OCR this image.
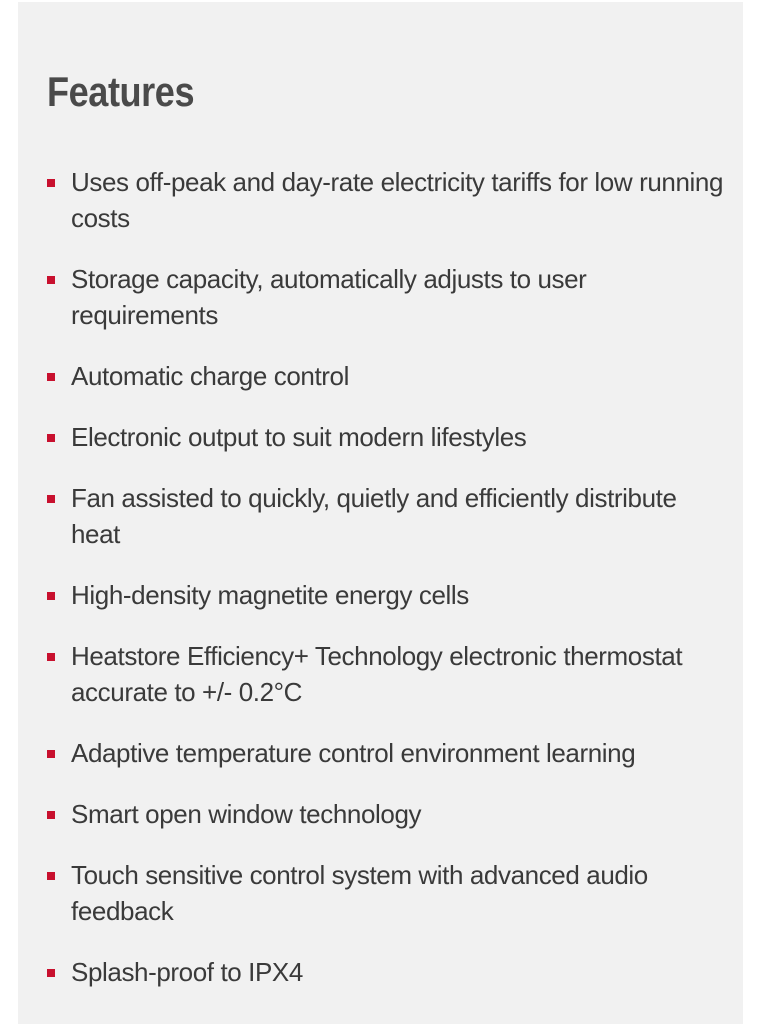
Features
Uses off-peak and day-rate electricity tariffs for low running costs
Storage capacity, automatically adjusts to user requirements
Automatic charge control
Electronic output to suit modern lifestyles
Fan assisted to quickly, quietly and efficiently distribute heat
High-density magnetite energy cells
Heatstore Efficiency+ Technology electronic thermostat accurate to +/- 0.2°C
Adaptive temperature control environment learning
Smart open window technology
Touch sensitive control system with advanced audio feedback
Splash-proof to IPX4
